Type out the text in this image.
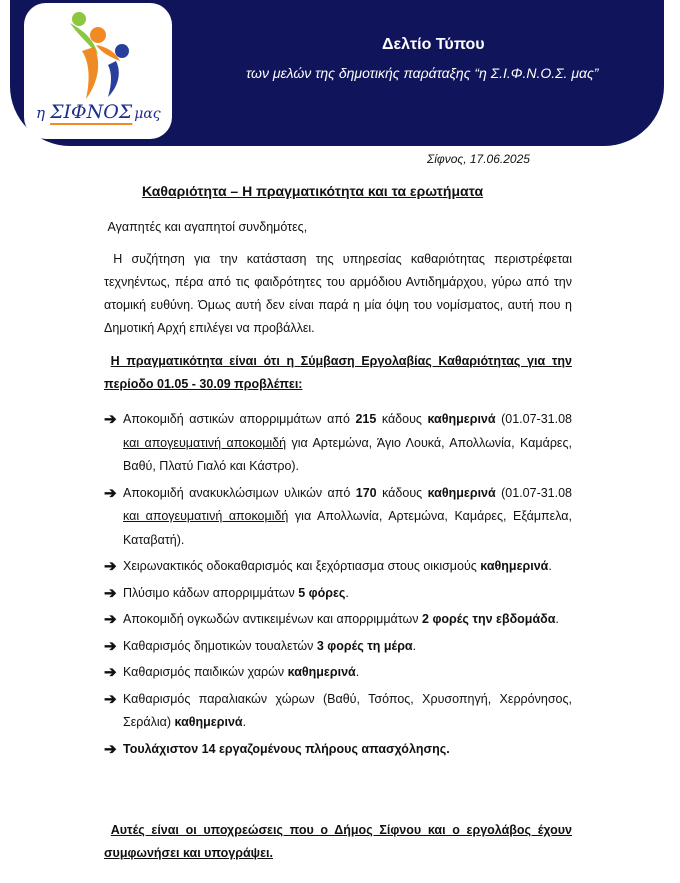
η ΣΙΦΝΟΣ μας
Δελτίο Τύπου
των μελών της δημοτικής παράταξης “η Σ.Ι.Φ.Ν.Ο.Σ. μας”
Σίφνος, 17.06.2025
Καθαριότητα – Η πραγματικότητα και τα ερωτήματα
Αγαπητές και αγαπητοί συνδημότες,
Η συζήτηση για την κατάσταση της υπηρεσίας καθαριότητας περιστρέφεται τεχνηέντως, πέρα από τις φαιδρότητες του αρμόδιου Αντιδημάρχου, γύρω από την ατομική ευθύνη. Όμως αυτή δεν είναι παρά η μία όψη του νομίσματος, αυτή που η Δημοτική Αρχή επιλέγει να προβάλλει.
Η πραγματικότητα είναι ότι η Σύμβαση Εργολαβίας Καθαριότητας για την περίοδο 01.05 - 30.09 προβλέπει:
➔ Αποκομιδή αστικών απορριμμάτων από 215 κάδους καθημερινά (01.07-31.08 και απογευματινή αποκομιδή για Αρτεμώνα, Άγιο Λουκά, Απολλωνία, Καμάρες, Βαθύ, Πλατύ Γιαλό και Κάστρο).
➔ Αποκομιδή ανακυκλώσιμων υλικών από 170 κάδους καθημερινά (01.07-31.08 και απογευματινή αποκομιδή για Απολλωνία, Αρτεμώνα, Καμάρες, Εξάμπελα, Καταβατή).
➔ Χειρωνακτικός οδοκαθαρισμός και ξεχόρτιασμα στους οικισμούς καθημερινά.
➔ Πλύσιμο κάδων απορριμμάτων 5 φόρες.
➔ Αποκομιδή ογκωδών αντικειμένων και απορριμμάτων 2 φορές την εβδομάδα.
➔ Καθαρισμός δημοτικών τουαλετών 3 φορές τη μέρα.
➔ Καθαρισμός παιδικών χαρών καθημερινά.
➔ Καθαρισμός παραλιακών χώρων (Βαθύ, Τσόπος, Χρυσοπηγή, Χερρόνησος, Σεράλια) καθημερινά.
➔ Τουλάχιστον 14 εργαζομένους πλήρους απασχόλησης.
Αυτές είναι οι υποχρεώσεις που ο Δήμος Σίφνου και ο εργολάβος έχουν συμφωνήσει και υπογράψει.
